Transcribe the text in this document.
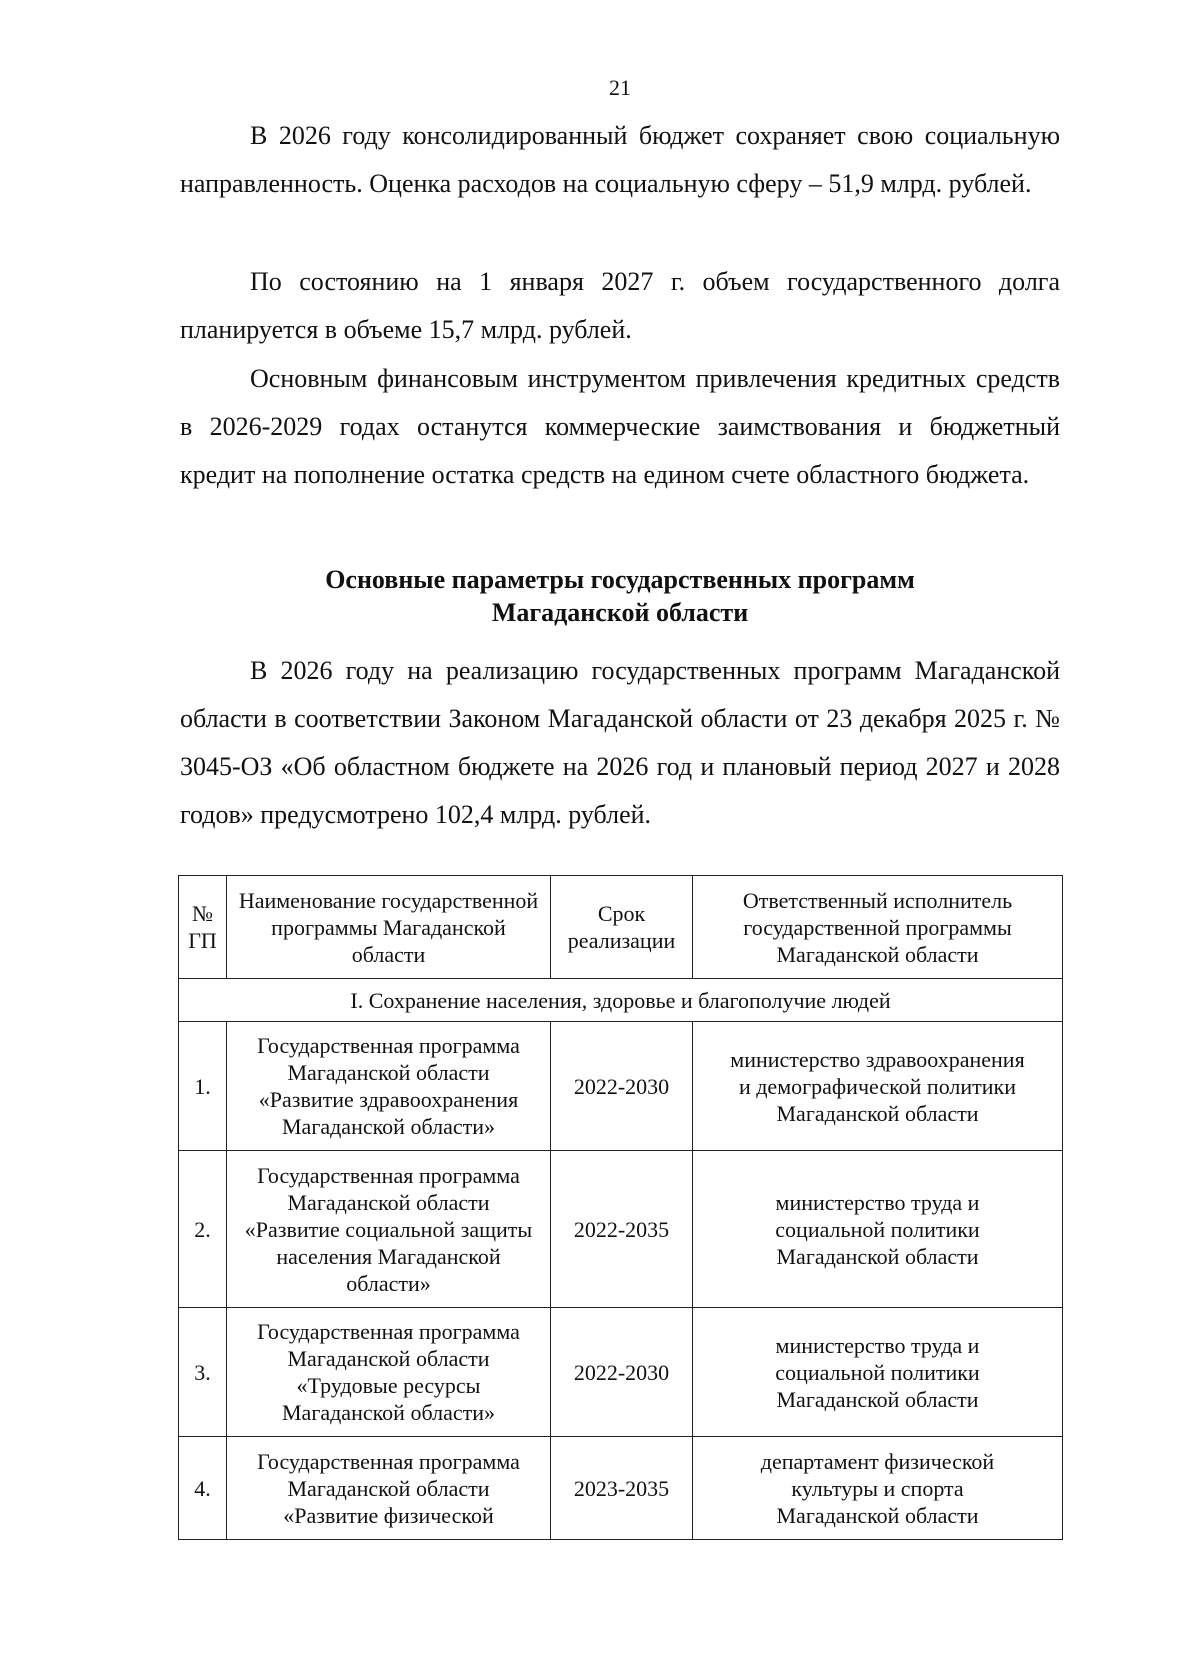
21

В 2026 году консолидированный бюджет сохраняет свою социальную направленность. Оценка расходов на социальную сферу – 51,9 млрд. рублей.

По состоянию на 1 января 2027 г. объем государственного долга планируется в объеме 15,7 млрд. рублей.

Основным финансовым инструментом привлечения кредитных средств в 2026-2029 годах останутся коммерческие заимствования и бюджетный кредит на пополнение остатка средств на едином счете областного бюджета.

Основные параметры государственных программ
Магаданской области

В 2026 году на реализацию государственных программ Магаданской области в соответствии Законом Магаданской области от 23 декабря 2025 г. № 3045-ОЗ «Об областном бюджете на 2026 год и плановый период 2027 и 2028 годов» предусмотрено 102,4 млрд. рублей.

№ ГП	Наименование государственной программы Магаданской области	Срок реализации	Ответственный исполнитель государственной программы Магаданской области
I. Сохранение населения, здоровье и благополучие людей			
1.	Государственная программа
Магаданской области
«Развитие здравоохранения
Магаданской области»	2022-2030	министерство здравоохранения
и демографической политики
Магаданской области

2.	Государственная программа
Магаданской области
«Развитие социальной защиты
населения Магаданской
области»	2022-2035	министерство труда и
социальной политики
Магаданской области

3.	Государственная программа
Магаданской области
«Трудовые ресурсы
Магаданской области»	2022-2030	министерство труда и
социальной политики
Магаданской области

4.	Государственная программа
Магаданской области
«Развитие физической	2023-2035	департамент физической
культуры и спорта
Магаданской области
